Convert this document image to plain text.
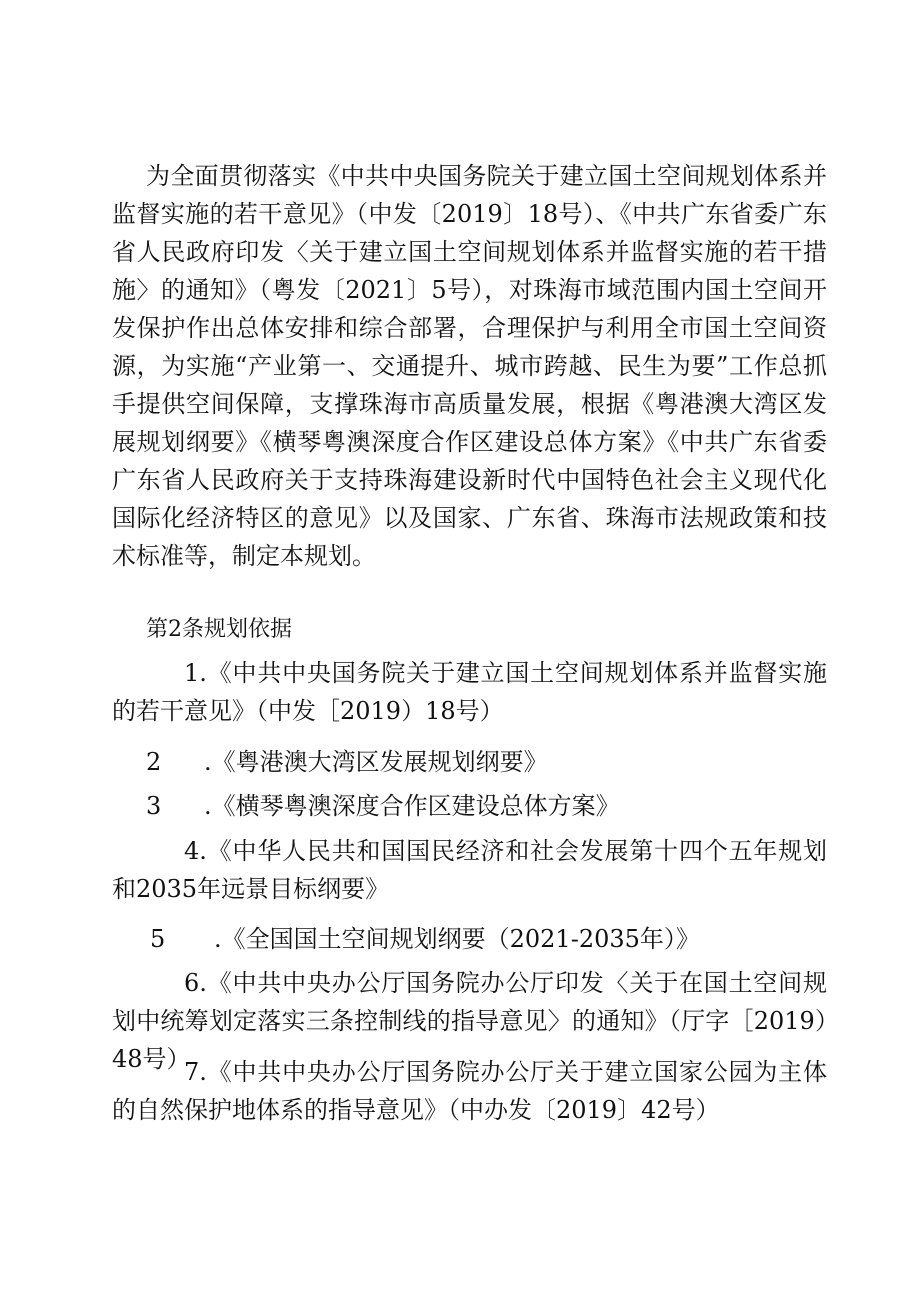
为全面贯彻落实《中共中央国务院关于建立国土空间规划体系并监督实施的若干意见》（中发〔2019〕18号）、《中共广东省委广东省人民政府印发〈关于建立国土空间规划体系并监督实施的若干措施〉的通知》（粤发〔2021〕5号），对珠海市域范围内国土空间开发保护作出总体安排和综合部署，合理保护与利用全市国土空间资源，为实施“产业第一、交通提升、城市跨越、民生为要”工作总抓手提供空间保障，支撑珠海市高质量发展，根据《粤港澳大湾区发展规划纲要》《横琴粤澳深度合作区建设总体方案》《中共广东省委广东省人民政府关于支持珠海建设新时代中国特色社会主义现代化国际化经济特区的意见》以及国家、广东省、珠海市法规政策和技术标准等，制定本规划。

第2条规划依据
1.《中共中央国务院关于建立国土空间规划体系并监督实施的若干意见》（中发［2019）18号）
2 .《粤港澳大湾区发展规划纲要》
3 .《横琴粤澳深度合作区建设总体方案》
4.《中华人民共和国国民经济和社会发展第十四个五年规划和2035年远景目标纲要》
5 .《全国国土空间规划纲要（2021-2035年）》
6.《中共中央办公厅国务院办公厅印发〈关于在国土空间规划中统筹划定落实三条控制线的指导意见〉的通知》（厅字［2019）48号）
7.《中共中央办公厅国务院办公厅关于建立国家公园为主体的自然保护地体系的指导意见》（中办发〔2019〕42号）
